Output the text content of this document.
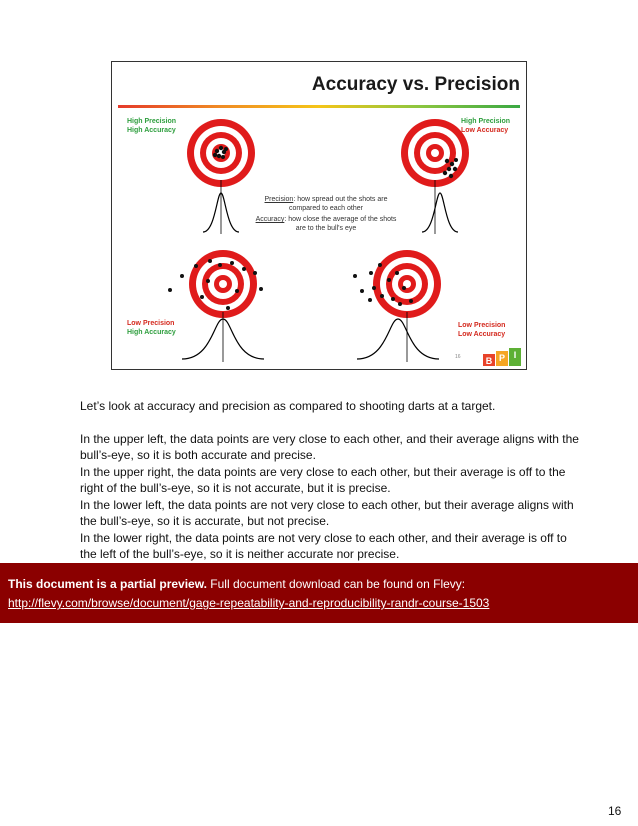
Accuracy vs. Precision
High Precision
High Accuracy
High Precision
Low Accuracy
Low Precision
High Accuracy
Low Precision
Low Accuracy
Precision: how spread out the shots are compared to each other
Accuracy: how close the average of the shots are to the bull's eye
16	B P I

Let’s look at accuracy and precision as compared to shooting darts at a target.

In the upper left, the data points are very close to each other, and their average aligns with the bull’s-eye, so it is both accurate and precise.

In the upper right, the data points are very close to each other, but their average is off to the right of the bull’s-eye, so it is not accurate, but it is precise.

In the lower left, the data points are not very close to each other, but their average aligns with the bull’s-eye, so it is accurate, but not precise.

In the lower right, the data points are not very close to each other, and their average is off to the left of the bull’s-eye, so it is neither accurate nor precise.

This document is a partial preview. Full document download can be found on Flevy:
http://flevy.com/browse/document/gage-repeatability-and-reproducibility-randr-course-1503
16
